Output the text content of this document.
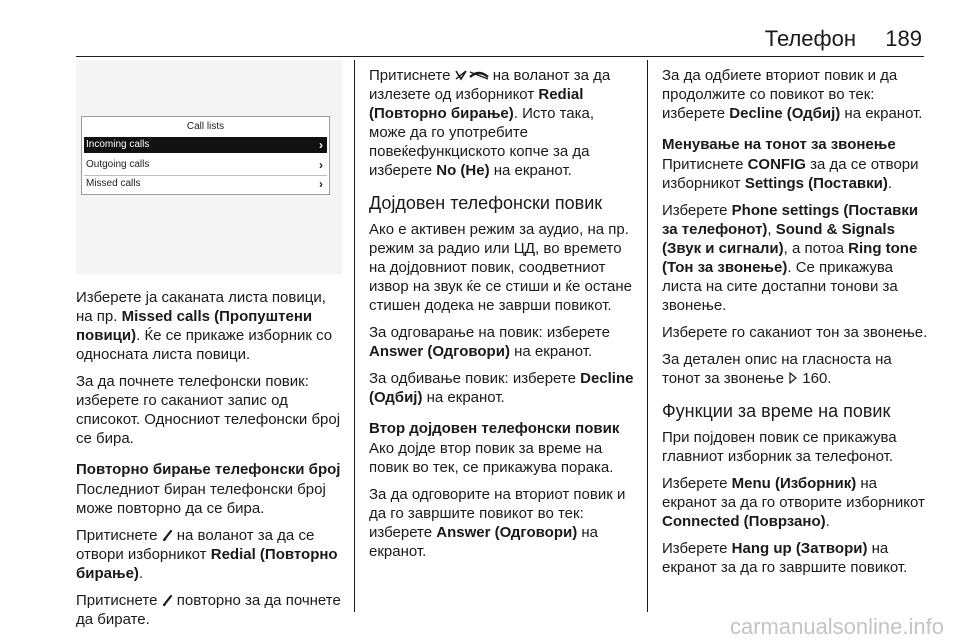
Телефон 189
Call lists
Incoming calls	›
Outgoing calls	›
Missed calls	›

Изберете ја саканата листа повици, на пр. Missed calls (Пропуштени повици). Ќе се прикаже изборник со односната листа повици.

За да почнете телефонски повик: изберете го саканиот запис од списокот. Односниот телефонски број се бира.

Повторно бирање телефонски број

Последниот биран телефонски број може повторно да се бира.

Притиснете  на воланот за да се отвори изборникот Redial (Повторно бирање).

Притиснете  повторно за да почнете да бирате.

Притиснете  на воланот за да излезете од изборникот Redial (Повторно бирање). Исто така, може да го употребите повеќефункциското копче за да изберете No (Не) на екранот.

Дојдовен телефонски повик

Ако е активен режим за аудио, на пр. режим за радио или ЦД, во времето на дојдовниот повик, соодветниот извор на звук ќе се стиши и ќе остане стишен додека не заврши повикот.

За одговарање на повик: изберете Answer (Одговори) на екранот.

За одбивање повик: изберете Decline (Одбиј) на екранот.

Втор дојдовен телефонски повик

Ако дојде втор повик за време на повик во тек, се прикажува порака.

За да одговорите на вториот повик и да го завршите повикот во тек: изберете Answer (Одговори) на екранот.

За да одбиете вториот повик и да продолжите со повикот во тек: изберете Decline (Одбиј) на екранот.

Менување на тонот за звонење

Притиснете CONFIG за да се отвори изборникот Settings (Поставки).

Изберете Phone settings (Поставки за телефонот), Sound & Signals (Звук и сигнали), а потоа Ring tone (Тон за звонење). Се прикажува листа на сите достапни тонови за звонење.

Изберете го саканиот тон за звонење.

За детален опис на гласноста на тонот за звонење  160.

Функции за време на повик

При појдовен повик се прикажува главниот изборник за телефонот.

Изберете Menu (Изборник) на екранот за да го отворите изборникот Connected (Поврзано).

Изберете Hang up (Затвори) на екранот за да го завршите повикот.

carmanualsonline.info
